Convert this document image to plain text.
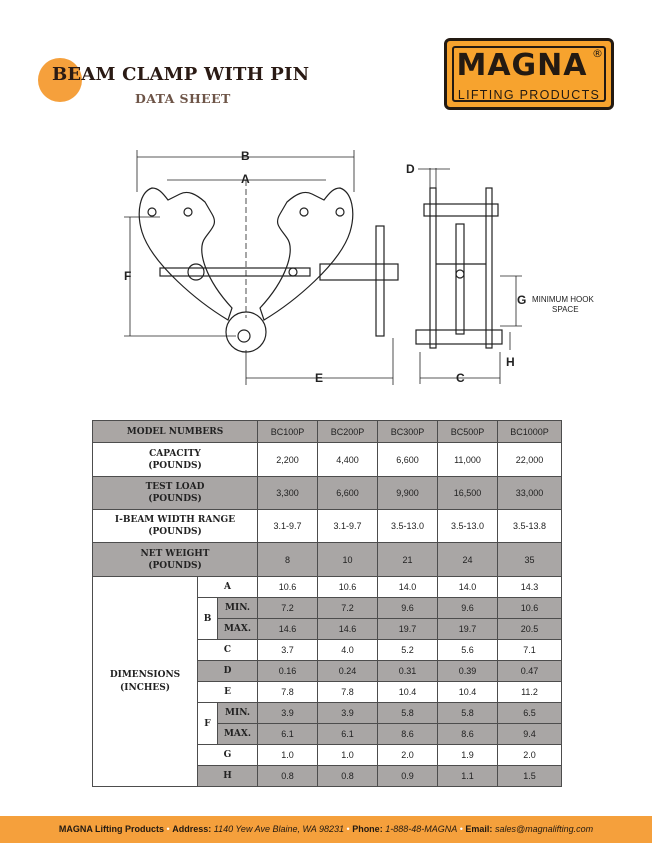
BEAM CLAMP WITH PIN
DATA SHEET
MAGNA ®
LIFTING PRODUCTS
B
A
F
E
D
C
G
H
MINIMUM HOOK
SPACE
MODEL NUMBERS			BC100P	BC200P	BC300P	BC500P	BC1000P
CAPACITY
(POUNDS)			2,200	4,400	6,600	11,000	22,000
TEST LOAD
(POUNDS)			3,300	6,600	9,900	16,500	33,000
I-BEAM WIDTH RANGE
(POUNDS)			3.1-9.7	3.1-9.7	3.5-13.0	3.5-13.0	3.5-13.8
NET WEIGHT
(POUNDS)			8	10	21	24	35
DIMENSIONS
(INCHES)	A		10.6	10.6	14.0	14.0	14.3
	B	MIN.	7.2	7.2	9.6	9.6	10.6
		MAX.	14.6	14.6	19.7	19.7	20.5
	C		3.7	4.0	5.2	5.6	7.1
	D		0.16	0.24	0.31	0.39	0.47
	E		7.8	7.8	10.4	10.4	11.2
	F	MIN.	3.9	3.9	5.8	5.8	6.5
		MAX.	6.1	6.1	8.6	8.6	9.4
	G		1.0	1.0	2.0	1.9	2.0
	H		0.8	0.8	0.9	1.1	1.5
MAGNA Lifting Products • Address: 1140 Yew Ave Blaine, WA 98231 • Phone: 1-888-48-MAGNA • Email: sales@magnalifting.com
